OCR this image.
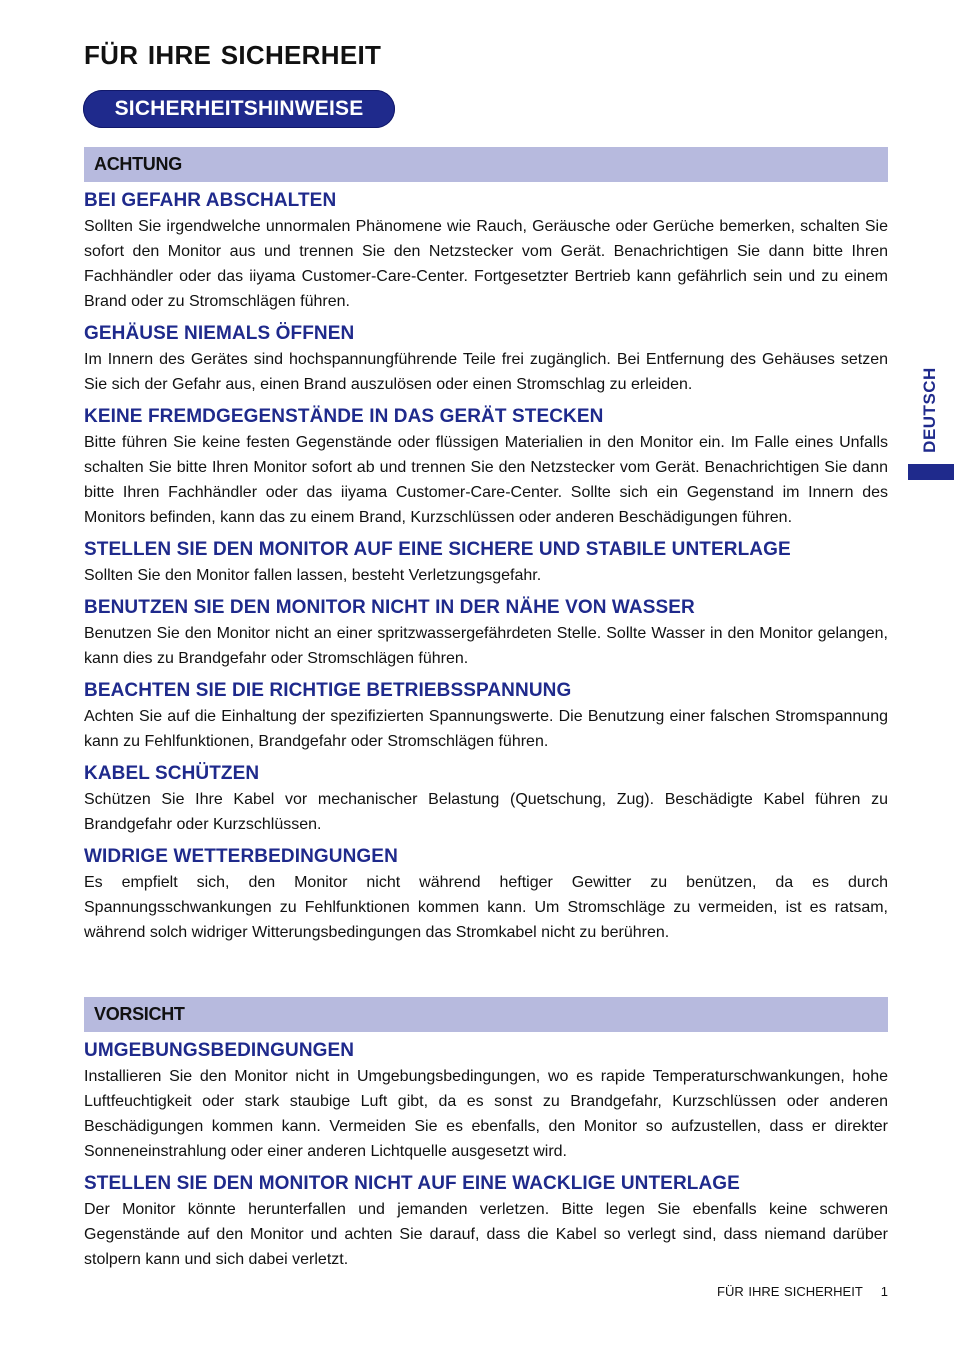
FÜR IHRE SICHERHEIT
SICHERHEITSHINWEISE
ACHTUNG
BEI GEFAHR ABSCHALTEN

Sollten Sie irgendwelche unnormalen Phänomene wie Rauch, Geräusche oder Gerüche bemerken, schalten Sie sofort den Monitor aus und trennen Sie den Netzstecker vom Gerät. Benachrichtigen Sie dann bitte Ihren Fachhändler oder das iiyama Customer-Care-Center. Fortgesetzter Bertrieb kann gefährlich sein und zu einem Brand oder zu Stromschlägen führen.

GEHÄUSE NIEMALS ÖFFNEN

Im Innern des Gerätes sind hochspannungführende Teile frei zugänglich. Bei Entfernung des Gehäuses setzen Sie sich der Gefahr aus, einen Brand auszulösen oder einen Stromschlag zu erleiden.

KEINE FREMDGEGENSTÄNDE IN DAS GERÄT STECKEN

Bitte führen Sie keine festen Gegenstände oder flüssigen Materialien in den Monitor ein. Im Falle eines Unfalls schalten Sie bitte Ihren Monitor sofort ab und trennen Sie den Netzstecker vom Gerät. Benachrichtigen Sie dann bitte Ihren Fachhändler oder das iiyama Customer-Care-Center. Sollte sich ein Gegenstand im Innern des Monitors befinden, kann das zu einem Brand, Kurzschlüssen oder anderen Beschädigungen führen.

STELLEN SIE DEN MONITOR AUF EINE SICHERE UND STABILE UNTERLAGE

Sollten Sie den Monitor fallen lassen, besteht Verletzungsgefahr.

BENUTZEN SIE DEN MONITOR NICHT IN DER NÄHE VON WASSER

Benutzen Sie den Monitor nicht an einer spritzwassergefährdeten Stelle. Sollte Wasser in den Monitor gelangen, kann dies zu Brandgefahr oder Stromschlägen führen.

BEACHTEN SIE DIE RICHTIGE BETRIEBSSPANNUNG

Achten Sie auf die Einhaltung der spezifizierten Spannungswerte. Die Benutzung einer falschen Stromspannung kann zu Fehlfunktionen, Brandgefahr oder Stromschlägen führen.

KABEL SCHÜTZEN

Schützen Sie Ihre Kabel vor mechanischer Belastung (Quetschung, Zug). Beschädigte Kabel führen zu Brandgefahr oder Kurzschlüssen.

WIDRIGE WETTERBEDINGUNGEN

Es empfielt sich, den Monitor nicht während heftiger Gewitter zu benützen, da es durch Spannungsschwankungen zu Fehlfunktionen kommen kann. Um Stromschläge zu vermeiden, ist es ratsam, während solch widriger Witterungsbedingungen das Stromkabel nicht zu berühren.

VORSICHT
UMGEBUNGSBEDINGUNGEN

Installieren Sie den Monitor nicht in Umgebungsbedingungen, wo es rapide Temperaturschwankungen, hohe Luftfeuchtigkeit oder stark staubige Luft gibt, da es sonst zu Brandgefahr, Kurzschlüssen oder anderen Beschädigungen kommen kann. Vermeiden Sie es ebenfalls, den Monitor so aufzustellen, dass er direkter Sonneneinstrahlung oder einer anderen Lichtquelle ausgesetzt wird.

STELLEN SIE DEN MONITOR NICHT AUF EINE WACKLIGE UNTERLAGE

Der Monitor könnte herunterfallen und jemanden verletzen. Bitte legen Sie ebenfalls keine schweren Gegenstände auf den Monitor und achten Sie darauf, dass die Kabel so verlegt sind, dass niemand darüber stolpern kann und sich dabei verletzt.

DEUTSCH
FÜR IHRE SICHERHEIT 1
